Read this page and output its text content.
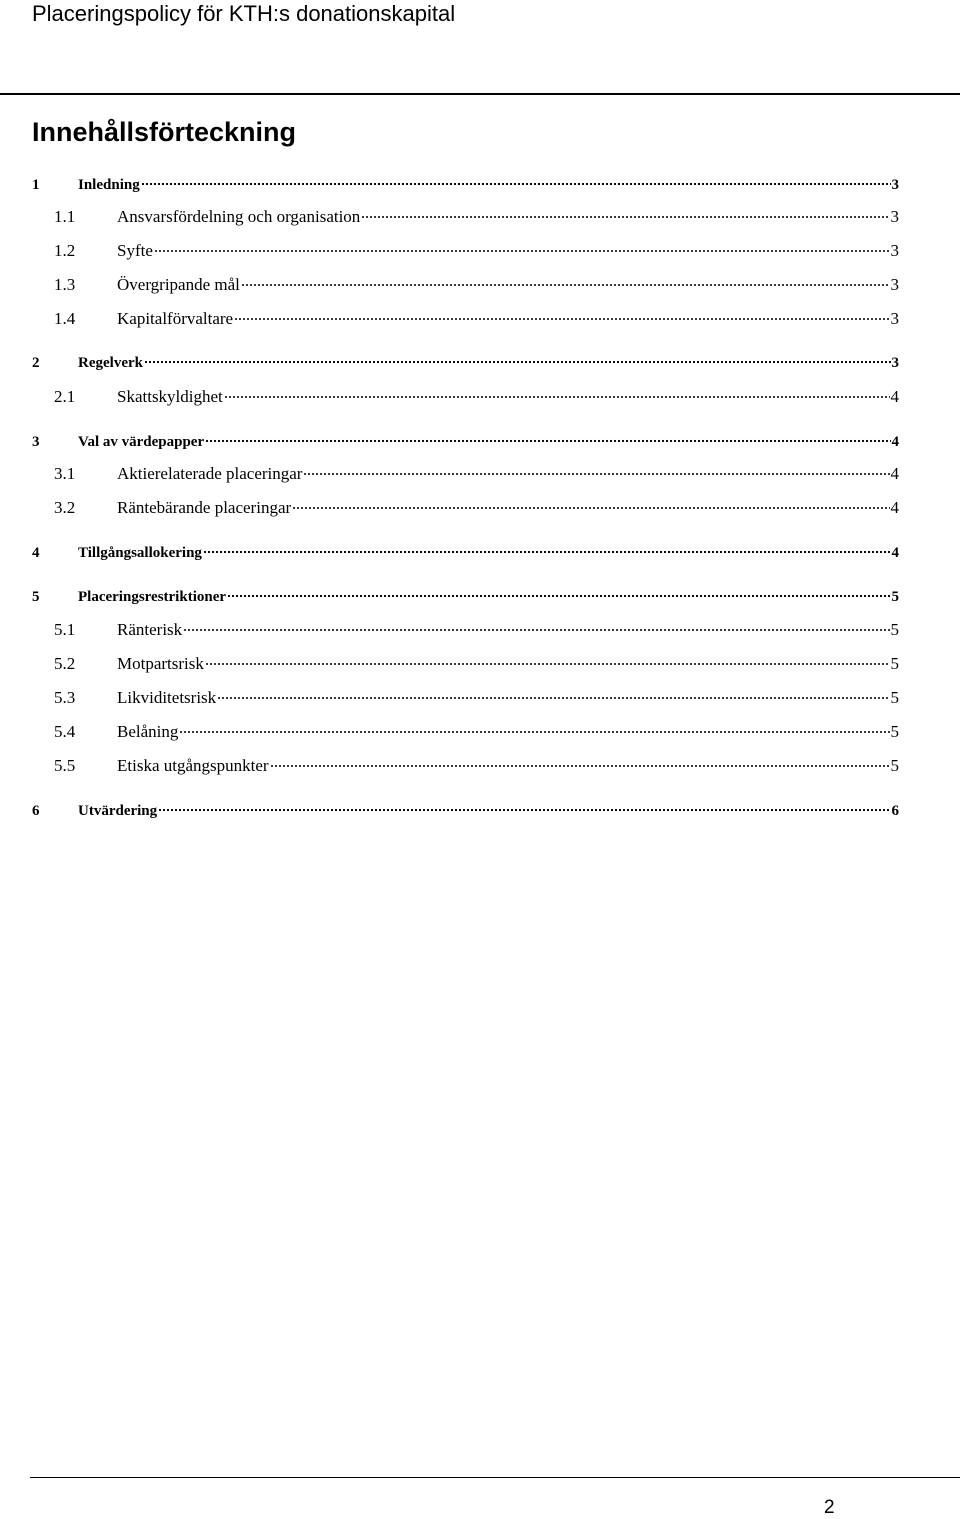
Placeringspolicy för KTH:s donationskapital
Innehållsförteckning
1	Inledning	3
1.1	Ansvarsfördelning och organisation	3
1.2	Syfte	3
1.3	Övergripande mål	3
1.4	Kapitalförvaltare	3
2	Regelverk	3
2.1	Skattskyldighet	4
3	Val av värdepapper	4
3.1	Aktierelaterade placeringar	4
3.2	Räntebärande placeringar	4
4	Tillgångsallokering	4
5	Placeringsrestriktioner	5
5.1	Ränterisk	5
5.2	Motpartsrisk	5
5.3	Likviditetsrisk	5
5.4	Belåning	5
5.5	Etiska utgångspunkter	5
6	Utvärdering	6
2
